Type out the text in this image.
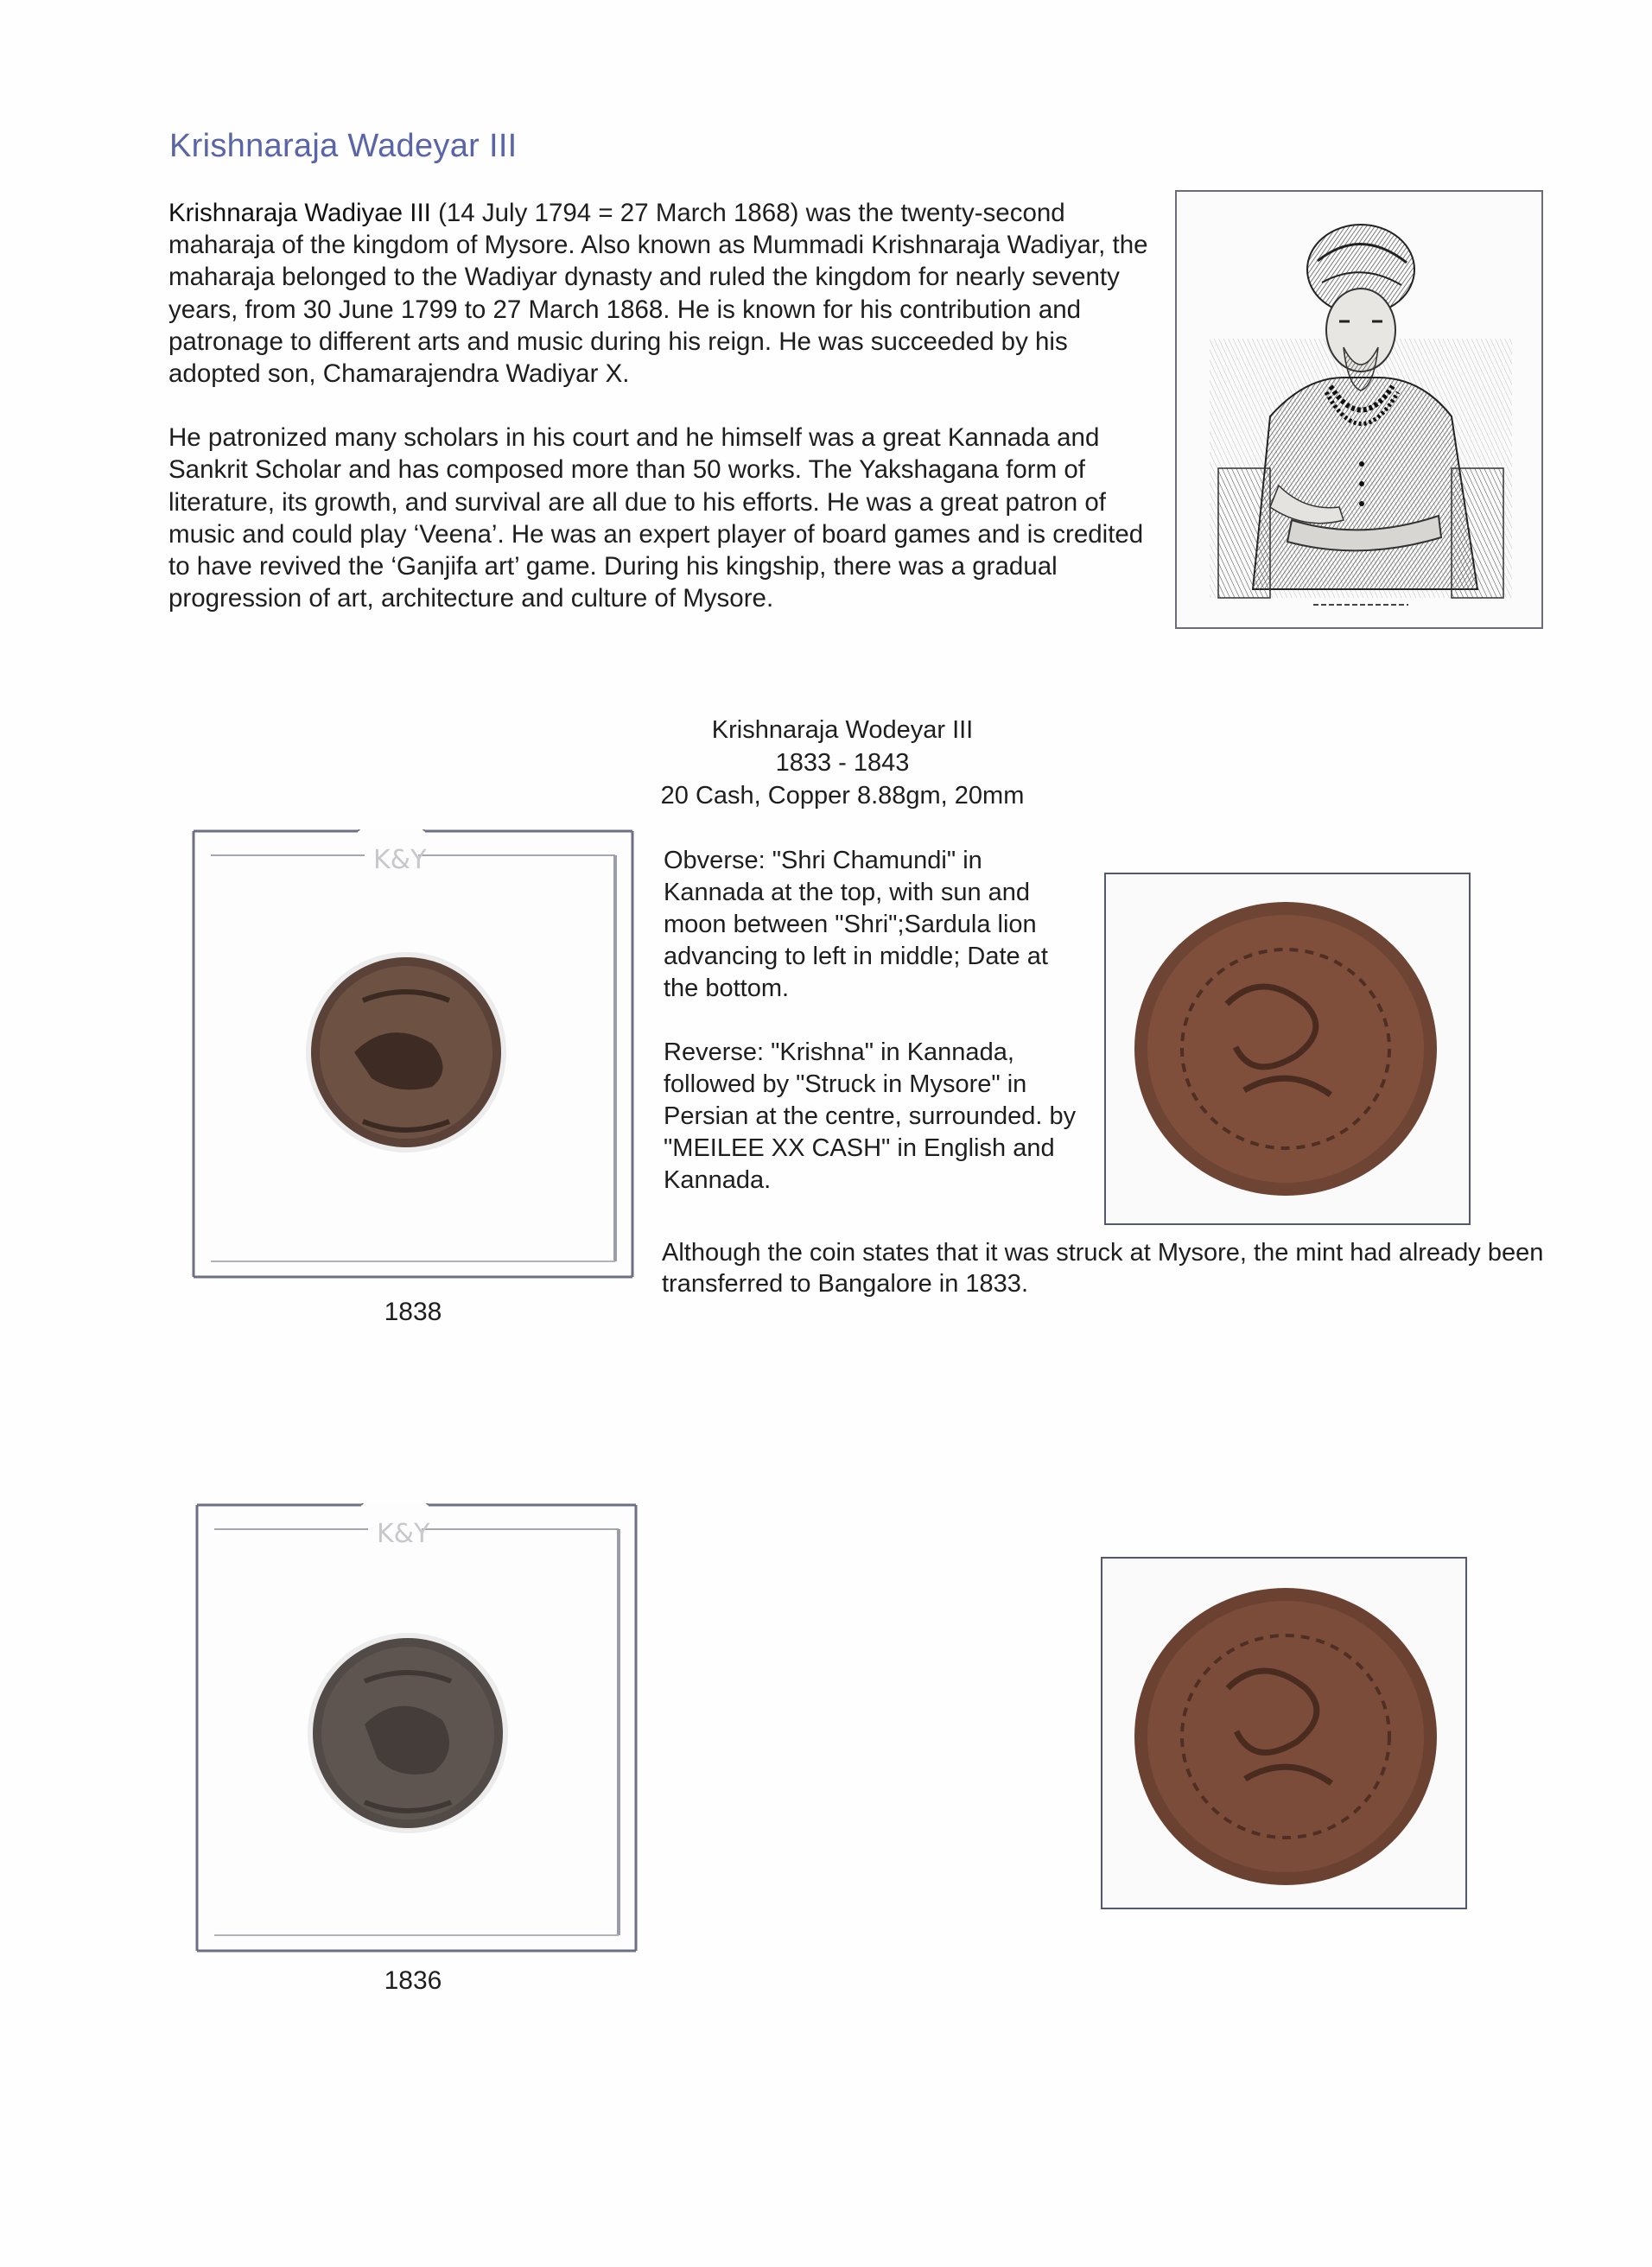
Krishnaraja Wadeyar III

Krishnaraja Wadiyae III (14 July 1794 = 27 March 1868) was the twenty-second maharaja of the kingdom of Mysore. Also known as Mummadi Krishnaraja Wadiyar, the maharaja belonged to the Wadiyar dynasty and ruled the kingdom for nearly seventy years, from 30 June 1799 to 27 March 1868. He is known for his contribution and patronage to different arts and music during his reign. He was succeeded by his adopted son, Chamarajendra Wadiyar X.

He patronized many scholars in his court and he himself was a great Kannada and Sankrit Scholar and has composed more than 50 works. The Yakshagana form of literature, its growth, and survival are all due to his efforts. He was a great patron of music and could play ‘Veena’. He was an expert player of board games and is credited to have revived the ‘Ganjifa art’ game. During his kingship, there was a gradual progression of art, architecture and culture of Mysore.

Krishnaraja Wodeyar III
1833 - 1843
20 Cash, Copper 8.88gm, 20mm

Obverse: "Shri Chamundi" in Kannada at the top, with sun and moon between "Shri";Sardula lion advancing to left in middle; Date at the bottom.

Reverse: "Krishna" in Kannada, followed by "Struck in Mysore" in Persian at the centre, surrounded. by "MEILEE XX CASH" in English and Kannada.

Although the coin states that it was struck at Mysore, the mint had already been transferred to Bangalore in 1833.
K&Y
1838
K&Y
1836
